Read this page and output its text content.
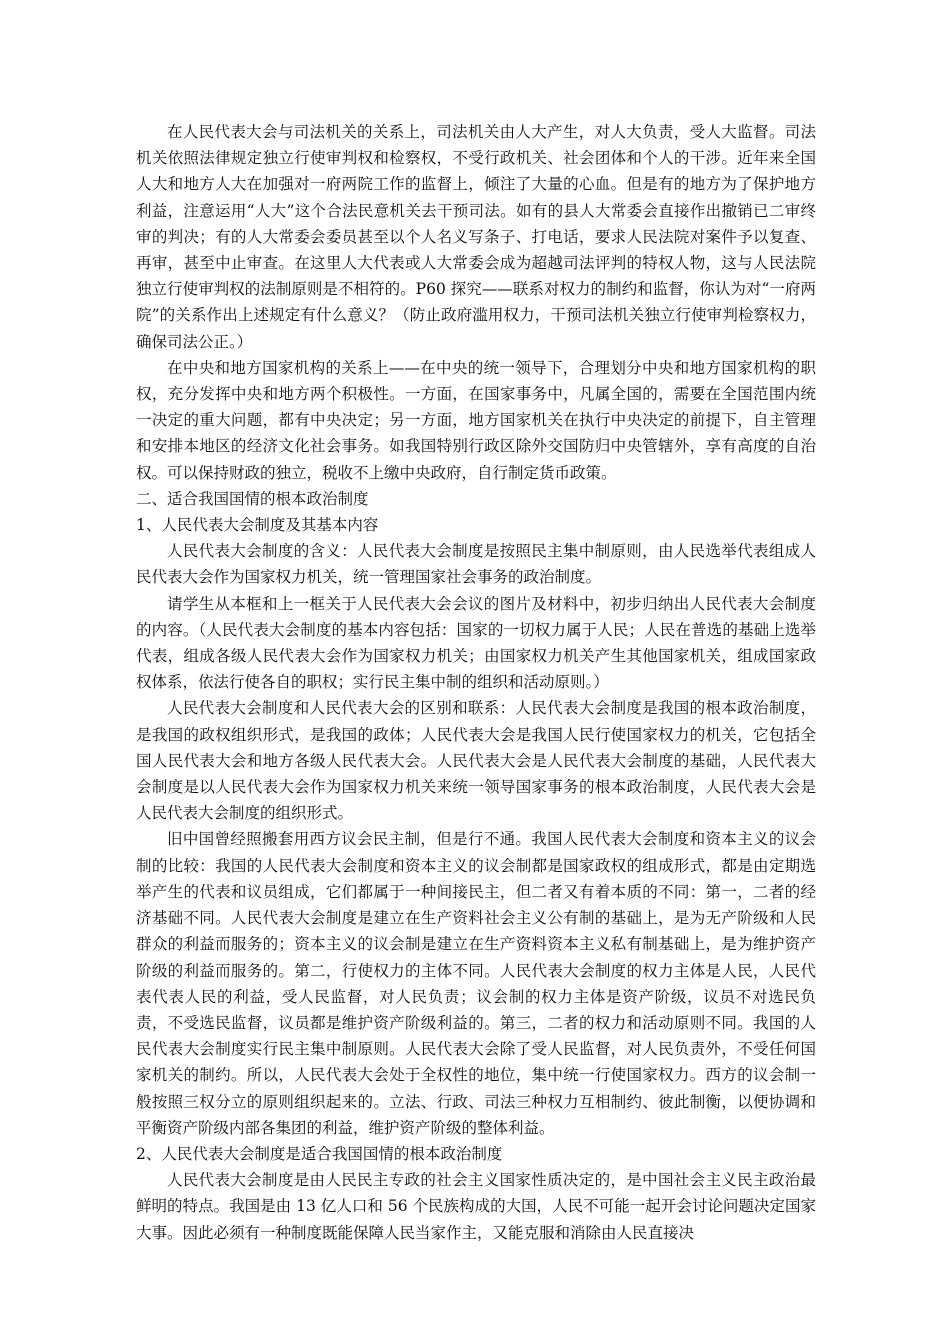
在人民代表大会与司法机关的关系上，司法机关由人大产生，对人大负责，受人大监督。司法机关依照法律规定独立行使审判权和检察权，不受行政机关、社会团体和个人的干涉。近年来全国人大和地方人大在加强对一府两院工作的监督上，倾注了大量的心血。但是有的地方为了保护地方利益，注意运用“人大”这个合法民意机关去干预司法。如有的县人大常委会直接作出撤销已二审终审的判决；有的人大常委会委员甚至以个人名义写条子、打电话，要求人民法院对案件予以复查、再审，甚至中止审查。在这里人大代表或人大常委会成为超越司法评判的特权人物，这与人民法院独立行使审判权的法制原则是不相符的。P60 探究——联系对权力的制约和监督，你认为对“一府两院”的关系作出上述规定有什么意义？（防止政府滥用权力，干预司法机关独立行使审判检察权力，确保司法公正。）

在中央和地方国家机构的关系上——在中央的统一领导下，合理划分中央和地方国家机构的职权，充分发挥中央和地方两个积极性。一方面，在国家事务中，凡属全国的，需要在全国范围内统一决定的重大问题，都有中央决定；另一方面，地方国家机关在执行中央决定的前提下，自主管理和安排本地区的经济文化社会事务。如我国特别行政区除外交国防归中央管辖外，享有高度的自治权。可以保持财政的独立，税收不上缴中央政府，自行制定货币政策。

二、适合我国国情的根本政治制度

1、人民代表大会制度及其基本内容

人民代表大会制度的含义：人民代表大会制度是按照民主集中制原则，由人民选举代表组成人民代表大会作为国家权力机关，统一管理国家社会事务的政治制度。

请学生从本框和上一框关于人民代表大会会议的图片及材料中，初步归纳出人民代表大会制度的内容。（人民代表大会制度的基本内容包括：国家的一切权力属于人民；人民在普选的基础上选举代表，组成各级人民代表大会作为国家权力机关；由国家权力机关产生其他国家机关，组成国家政权体系，依法行使各自的职权；实行民主集中制的组织和活动原则。）

人民代表大会制度和人民代表大会的区别和联系：人民代表大会制度是我国的根本政治制度，是我国的政权组织形式，是我国的政体；人民代表大会是我国人民行使国家权力的机关，它包括全国人民代表大会和地方各级人民代表大会。人民代表大会是人民代表大会制度的基础，人民代表大会制度是以人民代表大会作为国家权力机关来统一领导国家事务的根本政治制度，人民代表大会是人民代表大会制度的组织形式。

旧中国曾经照搬套用西方议会民主制，但是行不通。我国人民代表大会制度和资本主义的议会制的比较：我国的人民代表大会制度和资本主义的议会制都是国家政权的组成形式，都是由定期选举产生的代表和议员组成，它们都属于一种间接民主，但二者又有着本质的不同：第一，二者的经济基础不同。人民代表大会制度是建立在生产资料社会主义公有制的基础上，是为无产阶级和人民群众的利益而服务的；资本主义的议会制是建立在生产资料资本主义私有制基础上，是为维护资产阶级的利益而服务的。第二，行使权力的主体不同。人民代表大会制度的权力主体是人民，人民代表代表人民的利益，受人民监督，对人民负责；议会制的权力主体是资产阶级，议员不对选民负责，不受选民监督，议员都是维护资产阶级利益的。第三，二者的权力和活动原则不同。我国的人民代表大会制度实行民主集中制原则。人民代表大会除了受人民监督，对人民负责外，不受任何国家机关的制约。所以，人民代表大会处于全权性的地位，集中统一行使国家权力。西方的议会制一般按照三权分立的原则组织起来的。立法、行政、司法三种权力互相制约、彼此制衡，以便协调和平衡资产阶级内部各集团的利益，维护资产阶级的整体利益。

2、人民代表大会制度是适合我国国情的根本政治制度

人民代表大会制度是由人民民主专政的社会主义国家性质决定的，是中国社会主义民主政治最鲜明的特点。我国是由 13 亿人口和 56 个民族构成的大国，人民不可能一起开会讨论问题决定国家大事。因此必须有一种制度既能保障人民当家作主，又能克服和消除由人民直接决
